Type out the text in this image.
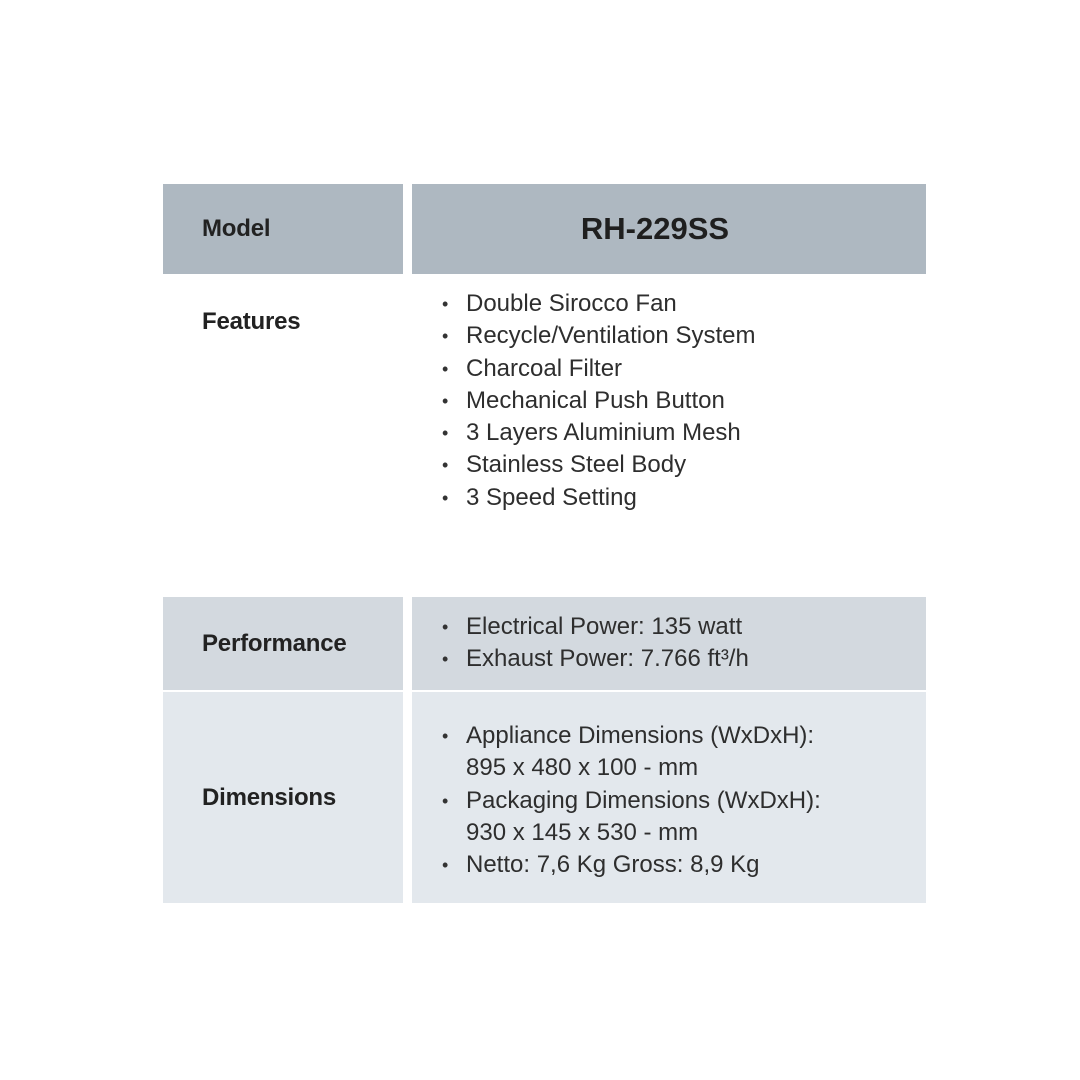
Model	RH-229SS
Features
• Double Sirocco Fan
• Recycle/Ventilation System
• Charcoal Filter
• Mechanical Push Button
• 3 Layers Aluminium Mesh
• Stainless Steel Body
• 3 Speed Setting
Performance
• Electrical Power: 135 watt
• Exhaust Power: 7.766 ft³/h
Dimensions
• Appliance Dimensions (WxDxH):
895 x 480 x 100 - mm
• Packaging Dimensions (WxDxH):
930 x 145 x 530 - mm
• Netto: 7,6 Kg Gross: 8,9 Kg
